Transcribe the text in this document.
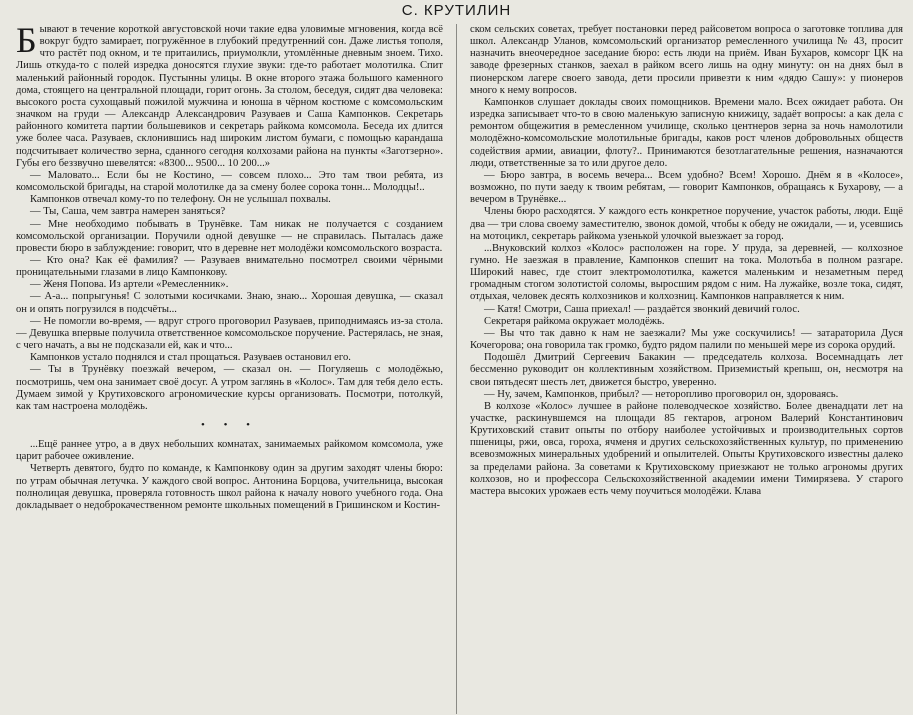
С. КРУТИЛИН

Бывают в течение короткой августовской ночи такие едва уловимые мгновения, когда всё вокруг будто замирает, погружённое в глубокий предутренний сон. Даже листья тополя, что растёт под окном, и те притаились, приумолкли, утомлённые дневным зноем. Тихо. Лишь откуда-то с полей изредка доносятся глухие звуки: где-то работает молотилка. Спит маленький районный городок. Пустынны улицы. В окне второго этажа большого каменного дома, стоящего на центральной площади, горит огонь. За столом, беседуя, сидят два человека: высокого роста сухощавый пожилой мужчина и юноша в чёрном костюме с комсомольским значком на груди — Александр Александрович Разуваев и Саша Кампонков. Секретарь районного комитета партии большевиков и секретарь райкома комсомола. Беседа их длится уже более часа. Разуваев, склонившись над широким листом бумаги, с помощью карандаша подсчитывает количество зерна, сданного сегодня колхозами района на пункты «Заготзерно». Губы его беззвучно шевелятся: «8300... 9500... 10 200...»

— Маловато... Если бы не Костино, — совсем плохо... Это там твои ребята, из комсомольской бригады, на старой молотилке да за смену более сорока тонн... Молодцы!..

Кампонков отвечал кому-то по телефону. Он не услышал похвалы.

— Ты, Саша, чем завтра намерен заняться?

— Мне необходимо побывать в Трунёвке. Там никак не получается с созданием комсомольской организации. Поручили одной девушке — не справилась. Пыталась даже провести бюро в заблуждение: говорит, что в деревне нет молодёжи комсомольского возраста.

— Кто она? Как её фамилия? — Разуваев внимательно посмотрел своими чёрными проницательными глазами в лицо Кампонкову.

— Женя Попова. Из артели «Ремесленник».

— А-а... попрыгунья! С золотыми косичками. Знаю, знаю... Хорошая девушка, — сказал он и опять погрузился в подсчёты...

— Не помогли во-время, — вдруг строго проговорил Разуваев, приподнимаясь из-за стола. — Девушка впервые получила ответственное комсомольское поручение. Растерялась, не зная, с чего начать, а вы не подсказали ей, как и что...

Кампонков устало поднялся и стал прощаться. Разуваев остановил его.

— Ты в Трунёвку поезжай вечером, — сказал он. — Погуляешь с молодёжью, посмотришь, чем она занимает своё досуг. А утром заглянь в «Колос». Там для тебя дело есть. Думаем зимой у Крутиховского агрономические курсы организовать. Посмотри, потолкуй, как там настроена молодёжь.

• • •

...Ещё раннее утро, а в двух небольших комнатах, занимаемых райкомом комсомола, уже царит рабочее оживление.

Четверть девятого, будто по команде, к Кампонкову один за другим заходят члены бюро: по утрам обычная летучка. У каждого свой вопрос. Антонина Борцова, учительница, высокая полнолицая девушка, проверяла готовность школ района к началу нового учебного года. Она докладывает о недоброкачественном ремонте школьных помещений в Гришинском и Костин-

ском сельских советах, требует постановки перед райсоветом вопроса о заготовке топлива для школ. Александр Уланов, комсомольский организатор ремесленного училища № 43, просит назначить внеочередное заседание бюро: есть люди на приём. Иван Бухаров, комсорг ЦК на заводе фрезерных станков, заехал в райком всего лишь на одну минуту: он на днях был в пионерском лагере своего завода, дети просили привезти к ним «дядю Сашу»: у пионеров много к нему вопросов.

Кампонков слушает доклады своих помощников. Времени мало. Всех ожидает работа. Он изредка записывает что-то в свою маленькую записную книжицу, задаёт вопросы: а как дела с ремонтом общежития в ремесленном училище, сколько центнеров зерна за ночь намолотили молодёжно-комсомольские молотильные бригады, каков рост членов добровольных обществ содействия армии, авиации, флоту?.. Принимаются безотлагательные решения, назначаются люди, ответственные за то или другое дело.

— Бюро завтра, в восемь вечера... Всем удобно? Всем! Хорошо. Днём я в «Колосе», возможно, по пути заеду к твоим ребятам, — говорит Кампонков, обращаясь к Бухарову, — а вечером в Трунёвке...

Члены бюро расходятся. У каждого есть конкретное поручение, участок работы, люди. Ещё два — три слова своему заместителю, звонок домой, чтобы к обеду не ожидали, — и, усевшись на мотоцикл, секретарь райкома узенькой улочкой выезжает за город.

...Внуковский колхоз «Колос» расположен на горе. У пруда, за деревней, — колхозное гумно. Не заезжая в правление, Кампонков спешит на тока. Молотьба в полном разгаре. Широкий навес, где стоит электромолотилка, кажется маленьким и незаметным перед громадным стогом золотистой соломы, выросшим рядом с ним. На лужайке, возле тока, сидят, отдыхая, человек десять колхозников и колхозниц. Кампонков направляется к ним.

— Катя! Смотри, Саша приехал! — раздаётся звонкий девичий голос.

Секретаря райкома окружает молодёжь.

— Вы что так давно к нам не заезжали? Мы уже соскучились! — затараторила Дуся Кочегорова; она говорила так громко, будто рядом палили по меньшей мере из сорока орудий.

Подошёл Дмитрий Сергеевич Бакакин — председатель колхоза. Восемнадцать лет бессменно руководит он коллективным хозяйством. Приземистый крепыш, он, несмотря на свои пятьдесят шесть лет, движется быстро, уверенно.

— Ну, зачем, Кампонков, прибыл? — неторопливо проговорил он, здороваясь.

В колхозе «Колос» лучшее в районе полеводческое хозяйство. Более двенадцати лет на участке, раскинувшемся на площади 85 гектаров, агроном Валерий Константинович Крутиховский ставит опыты по отбору наиболее устойчивых и производительных сортов пшеницы, ржи, овса, гороха, ячменя и других сельскохозяйственных культур, по применению всевозможных минеральных удобрений и опылителей. Опыты Крутиховского известны далеко за пределами района. За советами к Крутиховскому приезжают не только агрономы других колхозов, но и профессора Сельскохозяйственной академии имени Тимирязева. У старого мастера высоких урожаев есть чему поучиться молодёжи. Клава
